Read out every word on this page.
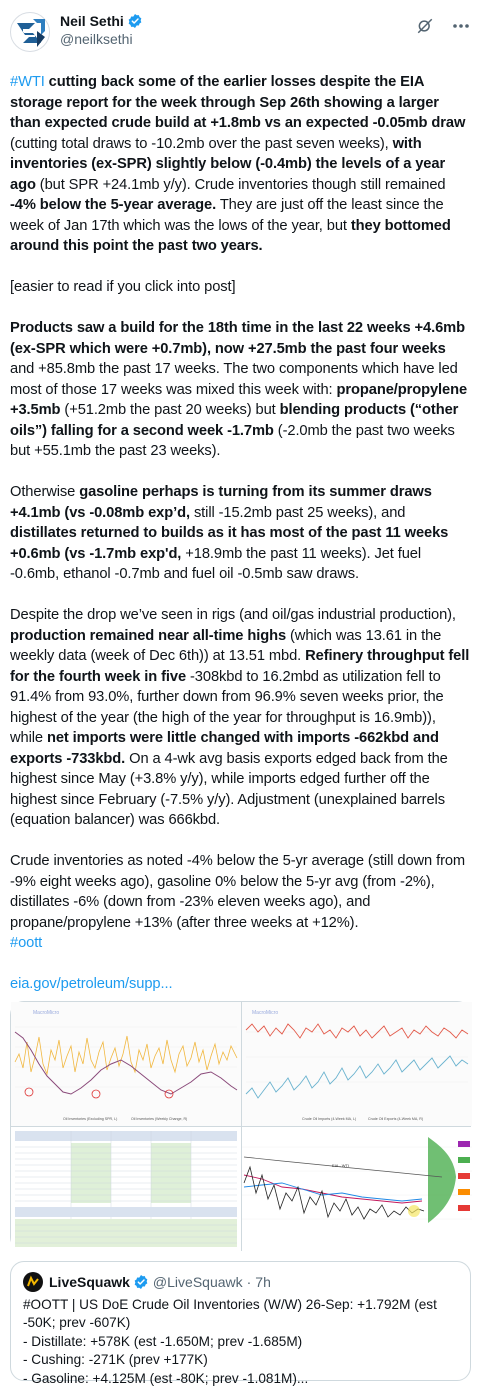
Neil Sethi
@neilksethi

#WTI cutting back some of the earlier losses despite the EIA storage report for the week through Sep 26th showing a larger than expected crude build at +1.8mb vs an expected -0.05mb draw (cutting total draws to -10.2mb over the past seven weeks), with inventories (ex-SPR) slightly below (-0.4mb) the levels of a year ago (but SPR +24.1mb y/y). Crude inventories though still remained -4% below the 5-year average. They are just off the least since the week of Jan 17th which was the lows of the year, but they bottomed around this point the past two years.

[easier to read if you click into post]

Products saw a build for the 18th time in the last 22 weeks +4.6mb (ex-SPR which were +0.7mb), now +27.5mb the past four weeks and +85.8mb the past 17 weeks. The two components which have led most of those 17 weeks was mixed this week with: propane/propylene +3.5mb (+51.2mb the past 20 weeks) but blending products (“other oils”) falling for a second week -1.7mb (-2.0mb the past two weeks but +55.1mb the past 23 weeks).

Otherwise gasoline perhaps is turning from its summer draws +4.1mb (vs -0.08mb exp’d, still -15.2mb past 25 weeks), and distillates returned to builds as it has most of the past 11 weeks +0.6mb (vs -1.7mb exp'd, +18.9mb the past 11 weeks). Jet fuel -0.6mb, ethanol -0.7mb and fuel oil -0.5mb saw draws.

Despite the drop we’ve seen in rigs (and oil/gas industrial production), production remained near all-time highs (which was 13.61 in the weekly data (week of Dec 6th)) at 13.51 mbd. Refinery throughput fell for the fourth week in five -308kbd to 16.2mbd as utilization fell to 91.4% from 93.0%, further down from 96.9% seven weeks prior, the highest of the year (the high of the year for throughput is 16.9mb)), while net imports were little changed with imports -662kbd and exports -733kbd. On a 4-wk avg basis exports edged back from the highest since May (+3.8% y/y), while imports edged further off the highest since February (-7.5% y/y). Adjustment (unexplained barrels (equation balancer) was 666kbd.

Crude inventories as noted -4% below the 5-yr average (still down from -9% eight weeks ago), gasoline 0% below the 5-yr avg (from -2%), distillates -6% (down from -23% eleven weeks ago), and propane/propylene +13% (after three weeks at +12%).
#oott

eia.gov/petroleum/supp...

MacroMicro
Oil Inventories (Excluding SPR, L)	Oil Inventories (Weekly Change, R)
MacroMicro
Crude Oil Imports (4-Week MA, L)	Crude Oil Exports (4-Week MA, R)
EIA - WTI
LiveSquawk @LiveSquawk · 7h
#OOTT | US DoE Crude Oil Inventories (W/W) 26-Sep: +1.792M (est -50K; prev -607K)
- Distillate: +578K (est -1.650M; prev -1.685M)
- Cushing: -271K (prev +177K)
- Gasoline: +4.125M (est -80K; prev -1.081M)...
